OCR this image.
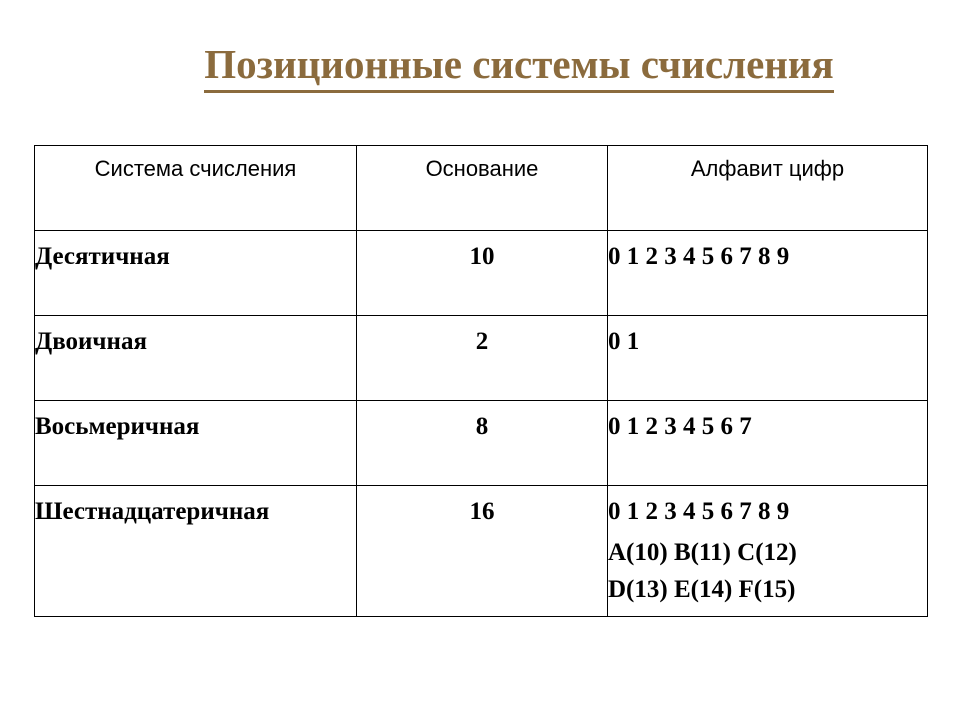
Позиционные системы счисления
Система счисления	Основание	Алфавит цифр

Десятичная	10	0 1 2 3 4 5 6 7 8 9

Двоичная	2	0 1

Восьмеричная	8	0 1 2 3 4 5 6 7

Шестнадцатеричная	16	0 1 2 3 4 5 6 7 8 9
A(10) B(11) C(12)
D(13) E(14) F(15)
